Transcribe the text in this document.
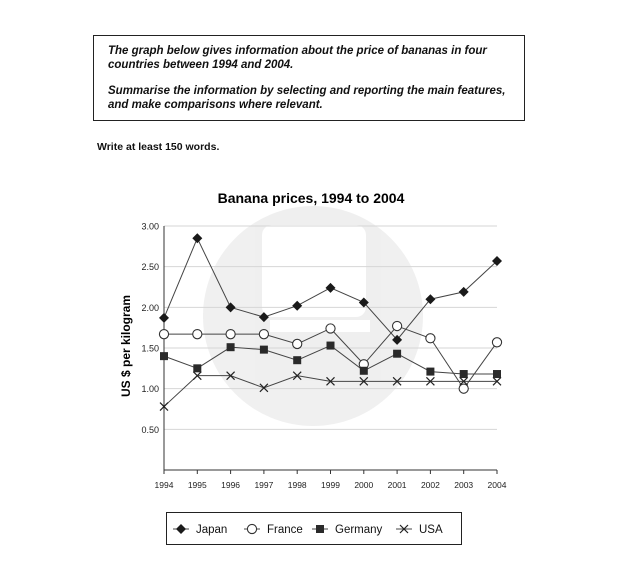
The graph below gives information about the price of bananas in four countries between 1994 and 2004.

Summarise the information by selecting and reporting the main features, and make comparisons where relevant.

Write at least 150 words.
3.00
2.50
2.00
1.50
1.00
0.50
1994 1995 1996 1997 1998 1999 2000 2001 2002 2003 2004
Banana prices, 1994 to 2004
US $ per kilogram
Japan	France	Germany	USA
